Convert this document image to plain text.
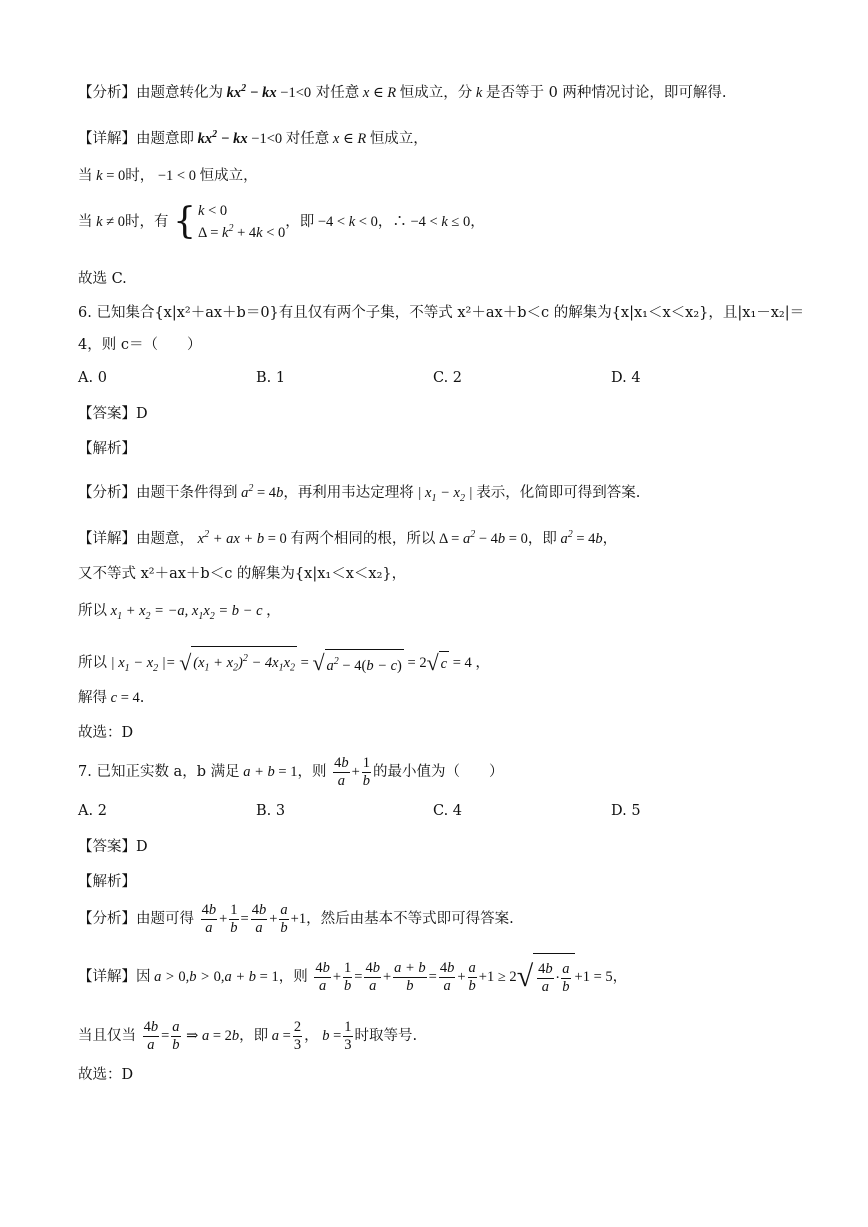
【分析】由题意转化为 $kx^2$ − kx −1<0 对任意 x ∈ R 恒成立，分 k 是否等于 0 两种情况讨论，即可解得.
【详解】由题意即 $kx^2$ − kx −1<0 对任意 x ∈ R 恒成立，
当 k = 0时， −1 < 0 恒成立，
当 k ≠ 0时，有 { k < 0
$\Delta = k^2 + 4k < 0$
，即 −4 < k < 0，∴ −4 < k ≤ 0，
故选 C.
6. 已知集合{x|x²＋ax＋b＝0}有且仅有两个子集，不等式 x²＋ax＋b＜c 的解集为{x|x₁＜x＜x₂}，且|x₁－x₂|＝
4，则 c＝（　　）
A. 0	B. 1	C. 2	D. 4
【答案】D
【解析】
【分析】由题干条件得到 $a^2 = 4b$，再利用韦达定理将 | $x_1 - x_2$ | 表示，化简即可得到答案.
【详解】由题意， $x^2$ + ax + b = 0 有两个相同的根，所以 $\Delta = a^2 - 4b = 0$，即 $a^2 = 4b$，
又不等式 x²＋ax＋b＜c 的解集为{x|x₁＜x＜x₂}，
所以 $x_1 + x_2 = -a$, $x_1x_2 = b - c$ ，
所以 | $x_1 - x_2$ |= √ $(x_1 + x_2)^2 - 4x_1x_2$ = √ $a^2 - 4(b - c) = 2√$ c = 4 ，
解得 c = 4.
故选：D
7. 已知正实数 a，b 满足 a + b = 1，则 $\frac{4b}{a} + \frac{1}{b}$ 的最小值为（　　）
A. 2	B. 3	C. 4	D. 5
【答案】D
【解析】
【分析】由题可得 $\frac{4b}{a} + \frac{1}{b} = \frac{4b}{a} + \frac{a}{b} +1$，然后由基本不等式即可得答案.
【详解】因 a > 0,b > 0,a + b = 1，则 $\frac{4b}{a} + \frac{1}{b} = \frac{4b}{a} + \frac{a + b}{b} = \frac{4b}{a} + \frac{a}{b} +1 \ge 2√ \frac{4b}{a} \cdot \frac{a}{b} +1 = 5$，
当且仅当 $\frac{4b}{a} = \frac{a}{b}$ ⇒ a = 2b，即 $a = \frac{2}{3}$ ， $b = \frac{1}{3}$ 时取等号.
故选：D
